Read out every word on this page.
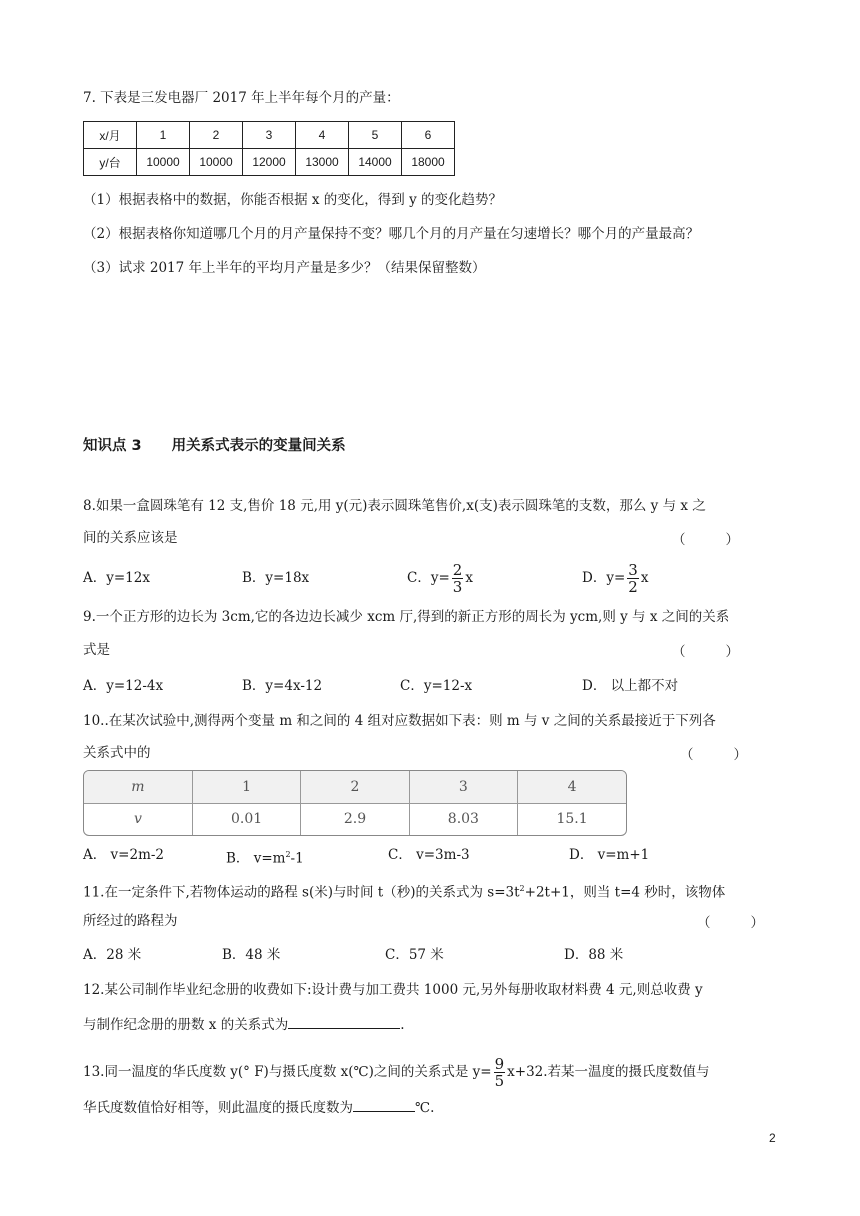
7. 下表是三发电器厂 2017 年上半年每个月的产量：
x/月	1	2	3	4	5	6
y/台	10000	10000	12000	13000	14000	18000
（1）根据表格中的数据，你能否根据 x 的变化，得到 y 的变化趋势？
（2）根据表格你知道哪几个月的月产量保持不变？哪几个月的月产量在匀速增长？哪个月的产量最高？
（3）试求 2017 年上半年的平均月产量是多少？（结果保留整数）
知识点 3 用关系式表示的变量间关系
8.如果一盒圆珠笔有 12 支,售价 18 元,用 y(元)表示圆珠笔售价,x(支)表示圆珠笔的支数，那么 y 与 x 之
间的关系应该是	（	）
A．y=12x	B．y=18x	C．$y= \frac{2}{3}$ x	D．$y= \frac{3}{2}$ x
9.一个正方形的边长为 3cm,它的各边边长减少 xcm 厅,得到的新正方形的周长为 ycm,则 y 与 x 之间的关系
式是	（	）
A．y=12-4x	B．y=4x-12	C．y=12-x	D． 以上都不对
10..在某次试验中,测得两个变量 m 和之间的 4 组对应数据如下表：则 m 与 v 之间的关系最接近于下列各
关系式中的	（	）
m	1	2	3	4
v	0.01	2.9	8.03	15.1
A． v=2m-2	B． $v=m^2-1$	C． v=3m-3	D． v=m+1
11.在一定条件下,若物体运动的路程 s(米)与时间 t（秒)的关系式为 $s=3t^2+2t+1$，则当 t=4 秒时，该物体
所经过的路程为	（	）
A．28 米	B．48 米	C．57 米	D．88 米
12.某公司制作毕业纪念册的收费如下:设计费与加工费共 1000 元,另外每册收取材料费 4 元,则总收费 y
与制作纪念册的册数 x 的关系式为	.
13.同一温度的华氏度数 y(° F)与摄氏度数 x(℃)之间的关系式是 $y= \frac{9}{5} x+32$.若某一温度的摄氏度数值与
华氏度数值恰好相等，则此温度的摄氏度数为	℃.
2
